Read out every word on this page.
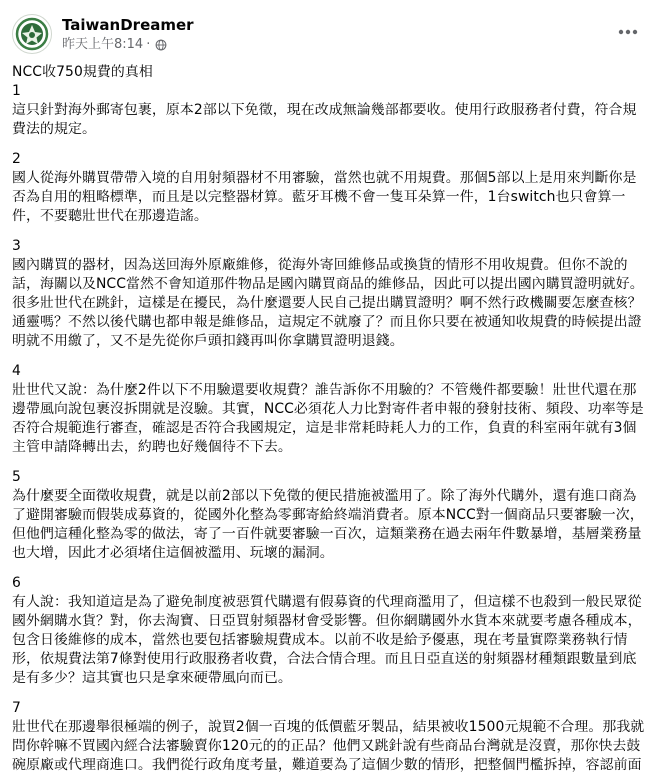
TaiwanDreamer
昨天上午8:14 ·

NCC收750規費的真相

1

這只針對海外郵寄包裹，原本2部以下免徵，現在改成無論幾部都要收。使用行政服務者付費，符合規

費法的規定。

2

國人從海外購買帶帶入境的自用射頻器材不用審驗，當然也就不用規費。那個5部以上是用來判斷你是

否為自用的粗略標準，而且是以完整器材算。藍牙耳機不會一隻耳朵算一件，1台switch也只會算一

件，不要聽壯世代在那邊造謠。

3

國內購買的器材，因為送回海外原廠維修，從海外寄回維修品或換貨的情形不用收規費。但你不說的

話，海關以及NCC當然不會知道那件物品是國內購買商品的維修品，因此可以提出國內購買證明就好。

很多壯世代在跳針，這樣是在擾民，為什麼還要人民自己提出購買證明？啊不然行政機關要怎麼查核？

通靈嗎？不然以後代購也都申報是維修品，這規定不就廢了？而且你只要在被通知收規費的時候提出證

明就不用繳了，又不是先從你戶頭扣錢再叫你拿購買證明退錢。

4

壯世代又說：為什麼2件以下不用驗還要收規費？誰告訴你不用驗的？不管幾件都要驗！壯世代還在那

邊帶風向說包裹沒拆開就是沒驗。其實，NCC必須花人力比對寄件者申報的發射技術、頻段、功率等是

否符合規範進行審查，確認是否符合我國規定，這是非常耗時耗人力的工作，負責的科室兩年就有3個

主管申請降轉出去，約聘也好幾個待不下去。

5

為什麼要全面徵收規費，就是以前2部以下免徵的便民措施被濫用了。除了海外代購外，還有進口商為

了避開審驗而假裝成募資的，從國外化整為零郵寄給終端消費者。原本NCC對一個商品只要審驗一次，

但他們這種化整為零的做法，寄了一百件就要審驗一百次，這類業務在過去兩年件數暴增，基層業務量

也大增，因此才必須堵住這個被濫用、玩壞的漏洞。

6

有人說：我知道這是為了避免制度被惡質代購還有假募資的代理商濫用了，但這樣不也殺到一般民眾從

國外網購水貨？對，你去淘寶、日亞買射頻器材會受影響。但你網購國外水貨本來就要考慮各種成本，

包含日後維修的成本，當然也要包括審驗規費成本。以前不收是給予優惠，現在考量實際業務執行情

形，依規費法第7條對使用行政服務者收費，合法合情合理。而且日亞直送的射頻器材種類跟數量到底

是有多少？這其實也只是拿來硬帶風向而已。

7

壯世代在那邊舉很極端的例子，說買2個一百塊的低價藍牙製品，結果被收1500元規範不合理。那我就

問你幹嘛不買國內經合法審驗賣你120元的的正品？他們又跳針說有些商品台灣就是沒賣，那你快去鼓

碗原廠或代理商進口。我們從行政角度考量，難道要為了這個少數的情形，把整個門檻拆掉，容認前面
